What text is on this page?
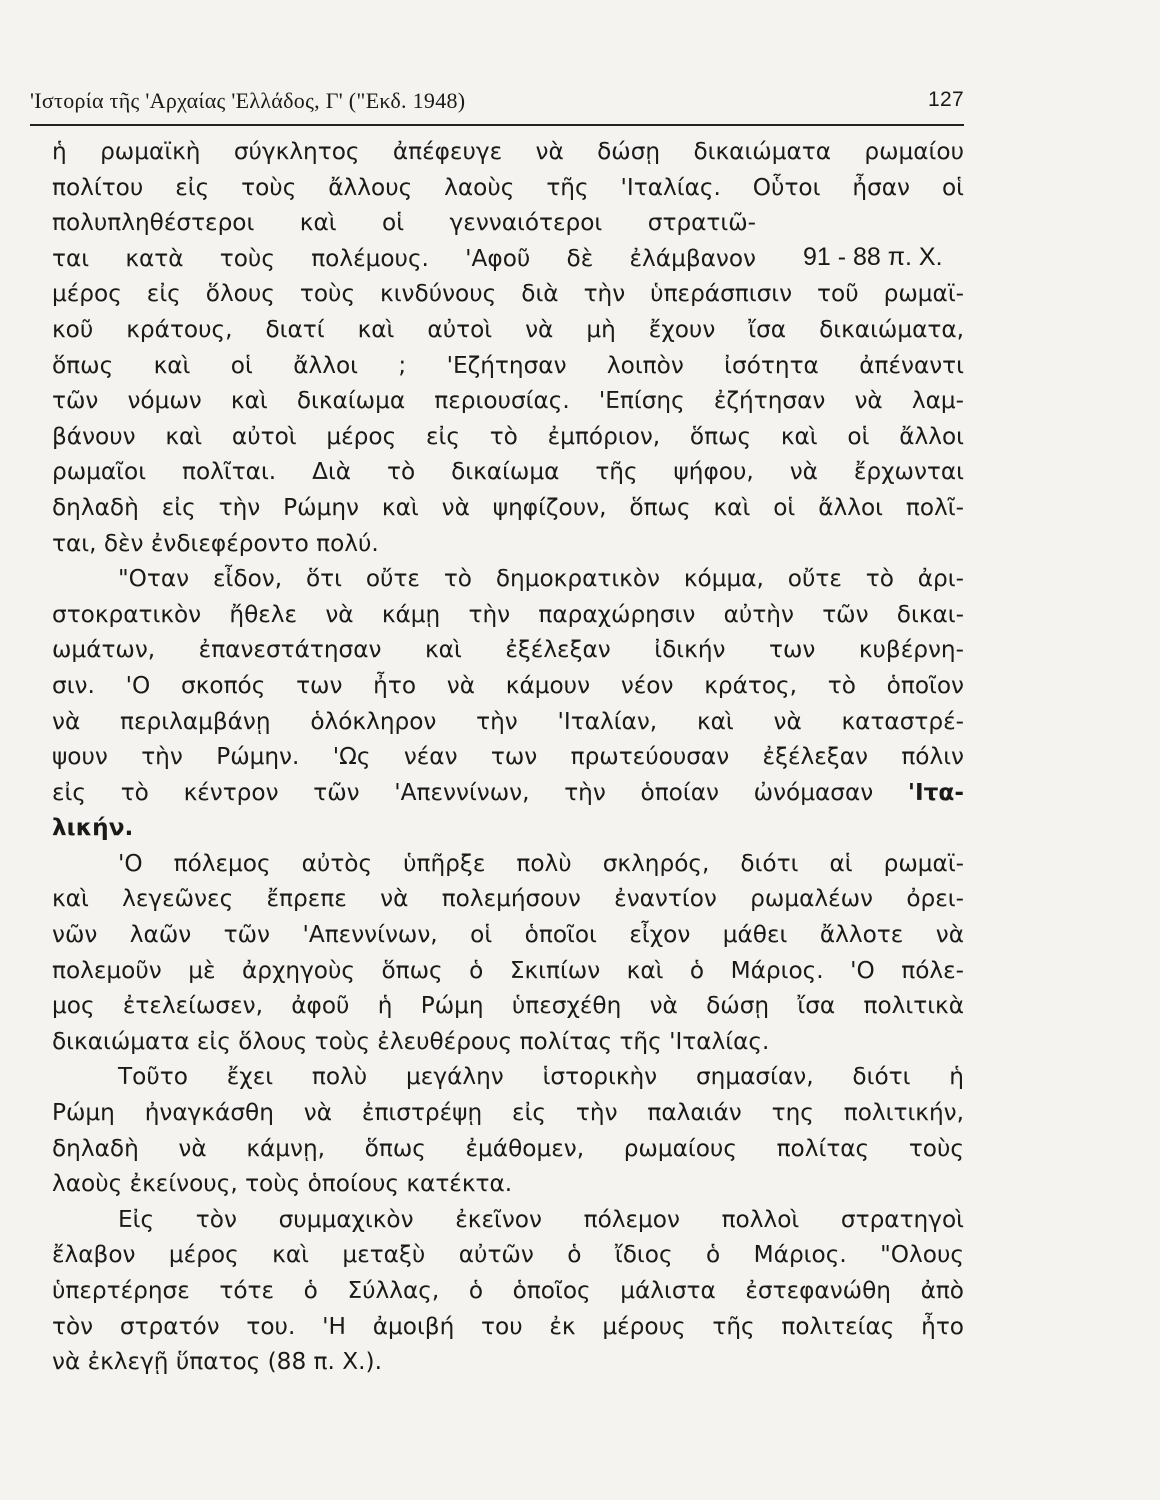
'Ιστορία τῆς 'Αρχαίας 'Ελλάδος, Γ' ("Εκδ. 1948)	127
91 - 88 π. Χ.
ἡ ρωμαϊκὴ σύγκλητος ἀπέφευγε νὰ δώσῃ δικαιώματα ρωμαίου
πολίτου εἰς τοὺς ἄλλους λαοὺς τῆς 'Ιταλίας. Οὗτοι ἦσαν οἱ
πολυπληθέστεροι καὶ οἱ γενναιότεροι στρατιῶ-
ται κατὰ τοὺς πολέμους. 'Αφοῦ δὲ ἐλάμβανον
μέρος εἰς ὅλους τοὺς κινδύνους διὰ τὴν ὑπεράσπισιν τοῦ ρωμαϊ-
κοῦ κράτους, διατί καὶ αὐτοὶ νὰ μὴ ἔχουν ἴσα δικαιώματα,
ὅπως καὶ οἱ ἄλλοι ; 'Εζήτησαν λοιπὸν ἰσότητα ἀπέναντι
τῶν νόμων καὶ δικαίωμα περιουσίας. 'Επίσης ἐζήτησαν νὰ λαμ-
βάνουν καὶ αὐτοὶ μέρος εἰς τὸ ἐμπόριον, ὅπως καὶ οἱ ἄλλοι
ρωμαῖοι πολῖται. Διὰ τὸ δικαίωμα τῆς ψήφου, νὰ ἔρχωνται
δηλαδὴ εἰς τὴν Ρώμην καὶ νὰ ψηφίζουν, ὅπως καὶ οἱ ἄλλοι πολῖ-
ται, δὲν ἐνδιεφέροντο πολύ.
"Οταν εἶδον, ὅτι οὔτε τὸ δημοκρατικὸν κόμμα, οὔτε τὸ ἀρι-
στοκρατικὸν ἤθελε νὰ κάμῃ τὴν παραχώρησιν αὐτὴν τῶν δικαι-
ωμάτων, ἐπανεστάτησαν καὶ ἐξέλεξαν ἰδικήν των κυβέρνη-
σιν. 'Ο σκοπός των ἦτο νὰ κάμουν νέον κράτος, τὸ ὁποῖον
νὰ περιλαμβάνῃ ὁλόκληρον τὴν 'Ιταλίαν, καὶ νὰ καταστρέ-
ψουν τὴν Ρώμην. 'Ως νέαν των πρωτεύουσαν ἐξέλεξαν πόλιν
εἰς τὸ κέντρον τῶν 'Απεννίνων, τὴν ὁποίαν ὠνόμασαν 'Ιτα-
λικήν.
'Ο πόλεμος αὐτὸς ὑπῆρξε πολὺ σκληρός, διότι αἱ ρωμαϊ-
καὶ λεγεῶνες ἔπρεπε νὰ πολεμήσουν ἐναντίον ρωμαλέων ὀρει-
νῶν λαῶν τῶν 'Απεννίνων, οἱ ὁποῖοι εἶχον μάθει ἄλλοτε νὰ
πολεμοῦν μὲ ἀρχηγοὺς ὅπως ὁ Σκιπίων καὶ ὁ Μάριος. 'Ο πόλε-
μος ἐτελείωσεν, ἀφοῦ ἡ Ρώμη ὑπεσχέθη νὰ δώσῃ ἴσα πολιτικὰ
δικαιώματα εἰς ὅλους τοὺς ἐλευθέρους πολίτας τῆς 'Ιταλίας.
Τοῦτο ἔχει πολὺ μεγάλην ἱστορικὴν σημασίαν, διότι ἡ
Ρώμη ἠναγκάσθη νὰ ἐπιστρέψῃ εἰς τὴν παλαιάν της πολιτικήν,
δηλαδὴ νὰ κάμνῃ, ὅπως ἐμάθομεν, ρωμαίους πολίτας τοὺς
λαοὺς ἐκείνους, τοὺς ὁποίους κατέκτα.
Εἰς τὸν συμμαχικὸν ἐκεῖνον πόλεμον πολλοὶ στρατηγοὶ
ἔλαβον μέρος καὶ μεταξὺ αὐτῶν ὁ ἴδιος ὁ Μάριος. "Ολους
ὑπερτέρησε τότε ὁ Σύλλας, ὁ ὁποῖος μάλιστα ἐστεφανώθη ἀπὸ
τὸν στρατόν του. 'Η ἀμοιβή του ἐκ μέρους τῆς πολιτείας ἦτο
νὰ ἐκλεγῇ ὕπατος (88 π. Χ.).
